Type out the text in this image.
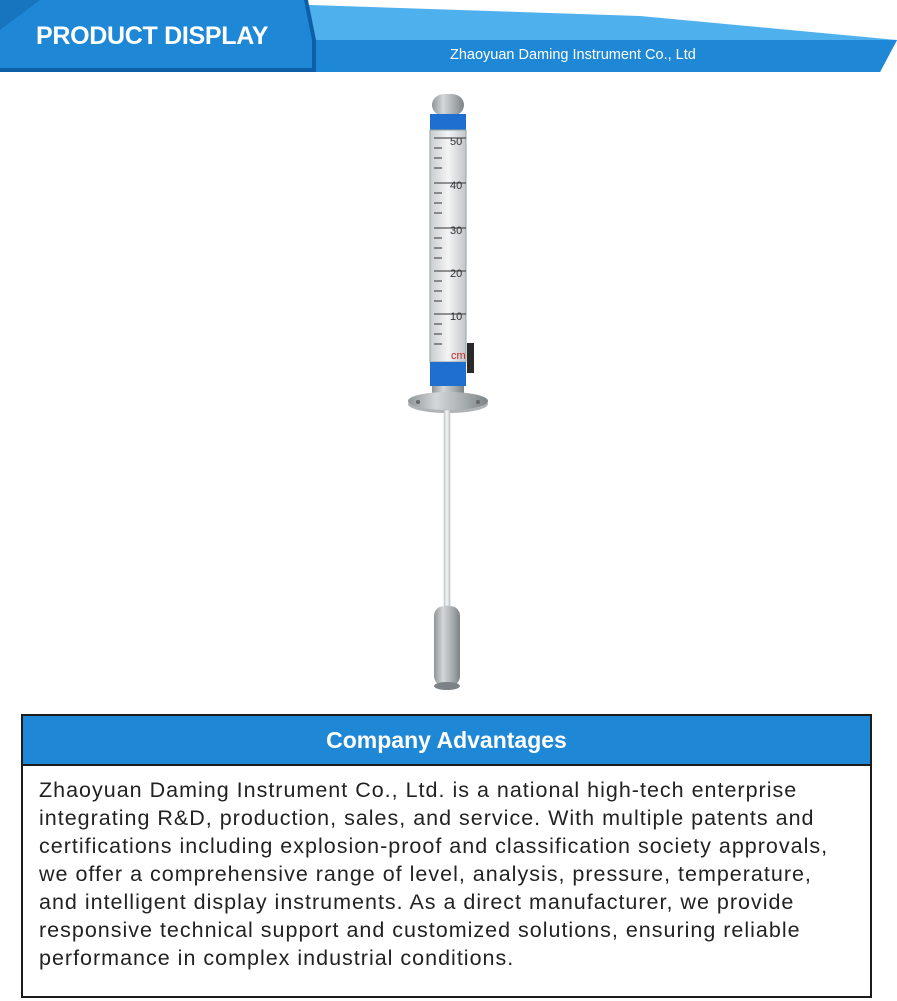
PRODUCT DISPLAY
Zhaoyuan Daming Instrument Co., Ltd
50
40
30
20
10
cm
Company Advantages
Zhaoyuan Daming Instrument Co., Ltd. is a national high-tech enterprise integrating R&D, production, sales, and service. With multiple patents and certifications including explosion-proof and classification society approvals, we offer a comprehensive range of level, analysis, pressure, temperature, and intelligent display instruments. As a direct manufacturer, we provide responsive technical support and customized solutions, ensuring reliable performance in complex industrial conditions.
